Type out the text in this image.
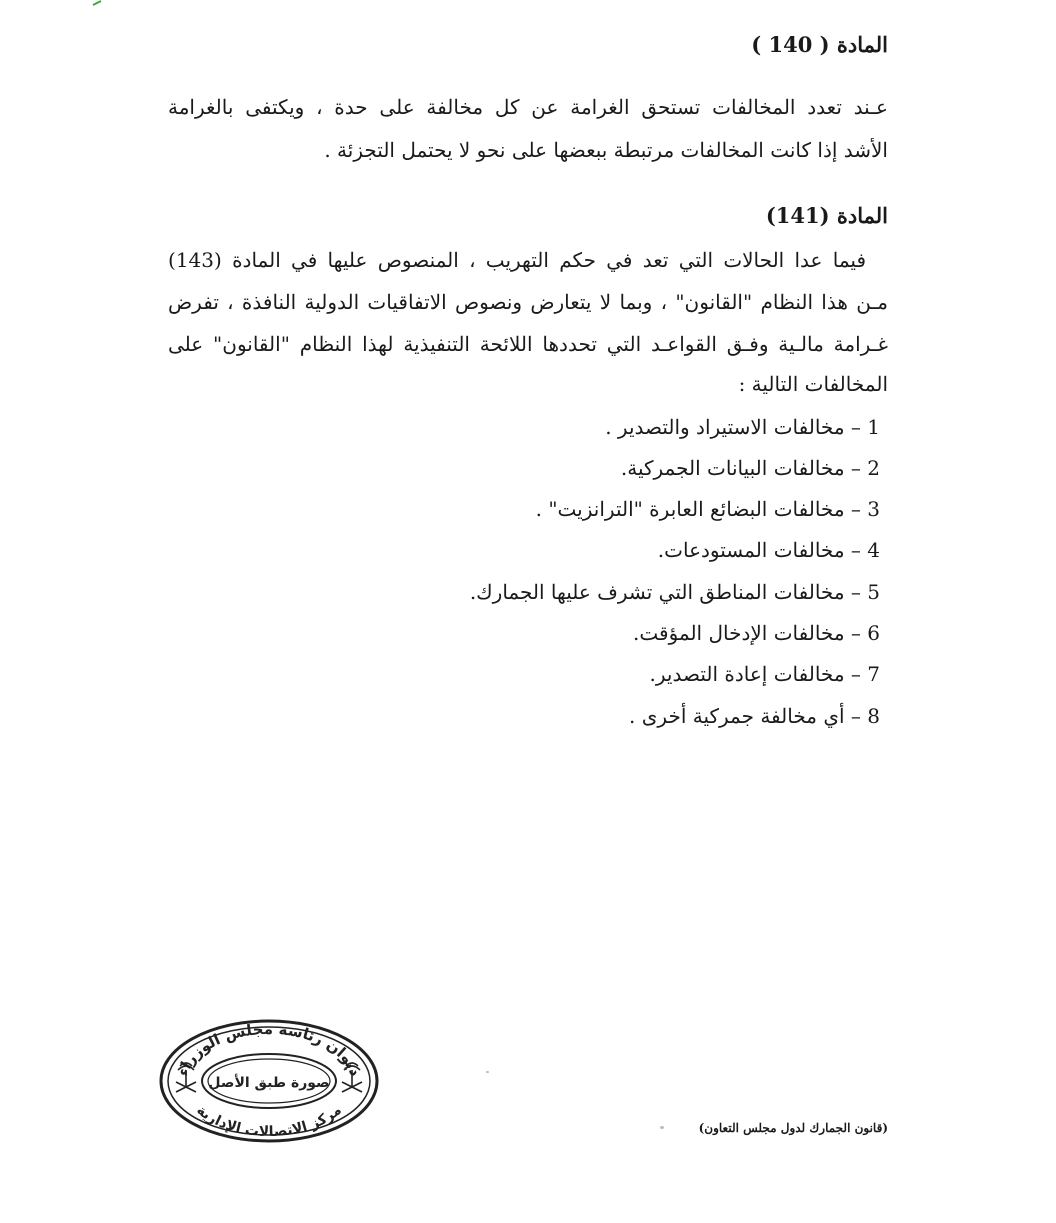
المادة ( 140 )
عـند تعدد المخالفات تستحق الغرامة عن كل مخالفة على حدة ، ويكتفى بالغرامة
الأشد إذا كانت المخالفات مرتبطة ببعضها على نحو لا يحتمل التجزئة .
المادة (141)
فيما عدا الحالات التي تعد في حكم التهريب ، المنصوص عليها في المادة (143)
مـن هذا النظام "القانون" ، وبما لا يتعارض ونصوص الاتفاقيات الدولية النافذة ، تفرض
غـرامة مالـية وفـق القواعـد التي تحددها اللائحة التنفيذية لهذا النظام "القانون" على
المخالفات التالية :
1 – مخالفات الاستيراد والتصدير .
2 – مخالفات البيانات الجمركية.
3 – مخالفات البضائع العابرة "الترانزيت" .
4 – مخالفات المستودعات.
5 – مخالفات المناطق التي تشرف عليها الجمارك.
6 – مخالفات الإدخال المؤقت.
7 – مخالفات إعادة التصدير.
8 – أي مخالفة جمركية أخرى .
(قانون الجمارك لدول مجلس التعاون)
ديوان رئاسة مجلس الوزراء
مركز الاتصالات الإدارية
صورة طبق الأصل
